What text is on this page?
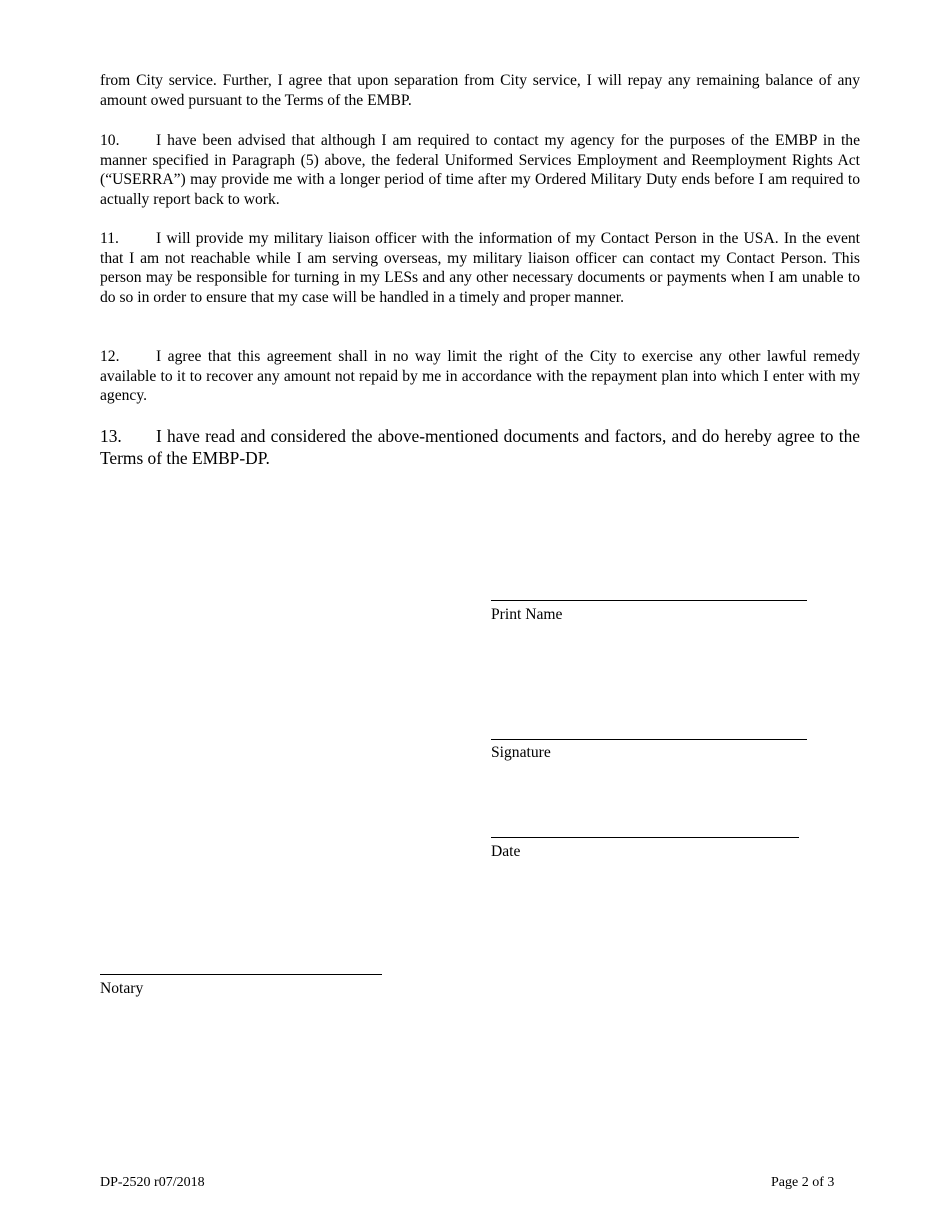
from City service. Further, I agree that upon separation from City service, I will repay any remaining balance of any amount owed pursuant to the Terms of the EMBP.

10. I have been advised that although I am required to contact my agency for the purposes of the EMBP in the manner specified in Paragraph (5) above, the federal Uniformed Services Employment and Reemployment Rights Act (“USERRA”) may provide me with a longer period of time after my Ordered Military Duty ends before I am required to actually report back to work.

11. I will provide my military liaison officer with the information of my Contact Person in the USA. In the event that I am not reachable while I am serving overseas, my military liaison officer can contact my Contact Person. This person may be responsible for turning in my LESs and any other necessary documents or payments when I am unable to do so in order to ensure that my case will be handled in a timely and proper manner.

12. I agree that this agreement shall in no way limit the right of the City to exercise any other lawful remedy available to it to recover any amount not repaid by me in accordance with the repayment plan into which I enter with my agency.

13. I have read and considered the above-mentioned documents and factors, and do hereby agree to the Terms of the EMBP-DP.

Print Name

Signature

Date

Notary

DP-2520 r07/2018	Page 2 of 3
